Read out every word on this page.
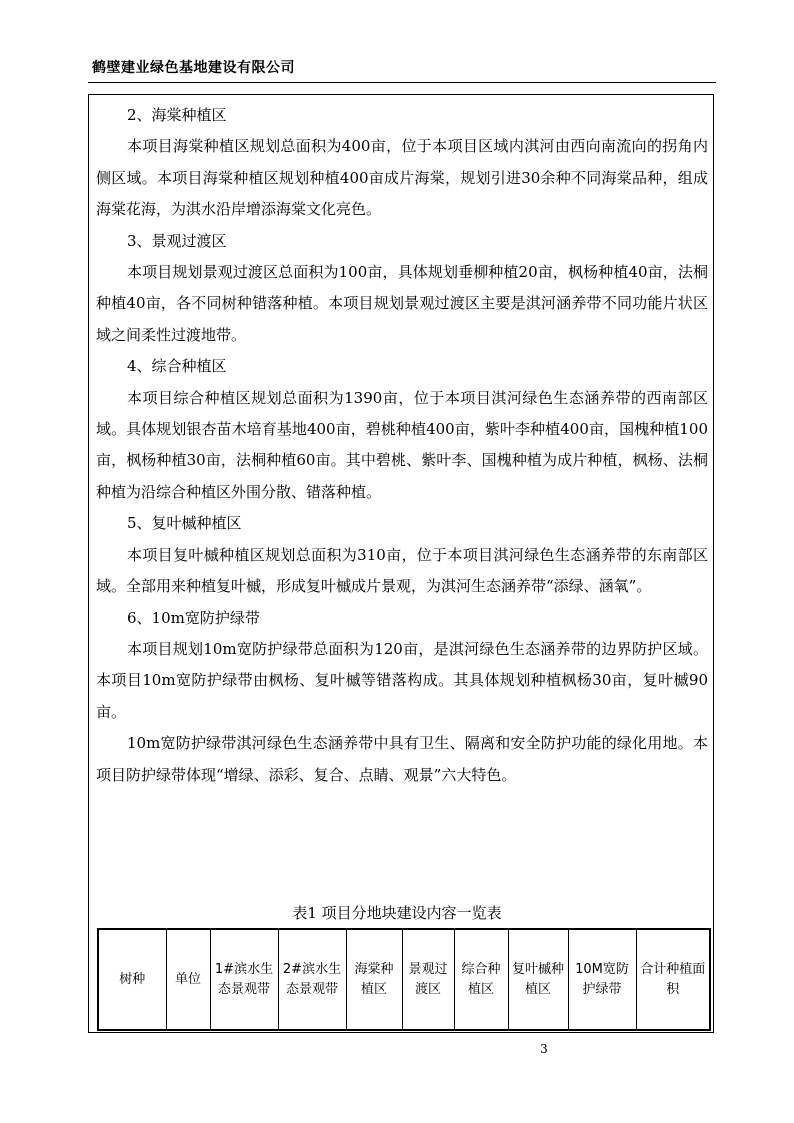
鹤壁建业绿色基地建设有限公司

2、海棠种植区

本项目海棠种植区规划总面积为400亩，位于本项目区域内淇河由西向南流向的拐角内侧区域。本项目海棠种植区规划种植400亩成片海棠，规划引进30余种不同海棠品种，组成海棠花海，为淇水沿岸增添海棠文化亮色。

3、景观过渡区

本项目规划景观过渡区总面积为100亩，具体规划垂柳种植20亩，枫杨种植40亩，法桐种植40亩，各不同树种错落种植。本项目规划景观过渡区主要是淇河涵养带不同功能片状区域之间柔性过渡地带。

4、综合种植区

本项目综合种植区规划总面积为1390亩，位于本项目淇河绿色生态涵养带的西南部区域。具体规划银杏苗木培育基地400亩，碧桃种植400亩，紫叶李种植400亩，国槐种植100亩，枫杨种植30亩，法桐种植60亩。其中碧桃、紫叶李、国槐种植为成片种植，枫杨、法桐种植为沿综合种植区外围分散、错落种植。

5、复叶槭种植区

本项目复叶槭种植区规划总面积为310亩，位于本项目淇河绿色生态涵养带的东南部区域。全部用来种植复叶槭，形成复叶槭成片景观，为淇河生态涵养带“添绿、涵氧”。

6、10m宽防护绿带

本项目规划10m宽防护绿带总面积为120亩，是淇河绿色生态涵养带的边界防护区域。本项目10m宽防护绿带由枫杨、复叶槭等错落构成。其具体规划种植枫杨30亩，复叶槭90亩。

10m宽防护绿带淇河绿色生态涵养带中具有卫生、隔离和安全防护功能的绿化用地。本项目防护绿带体现“增绿、添彩、复合、点睛、观景”六大特色。

表1 项目分地块建设内容一览表
树种	单位	1#滨水生态景观带	2#滨水生态景观带	海棠种植区	景观过渡区	综合种植区	复叶槭种植区	10M宽防护绿带	合计种植面积
3
